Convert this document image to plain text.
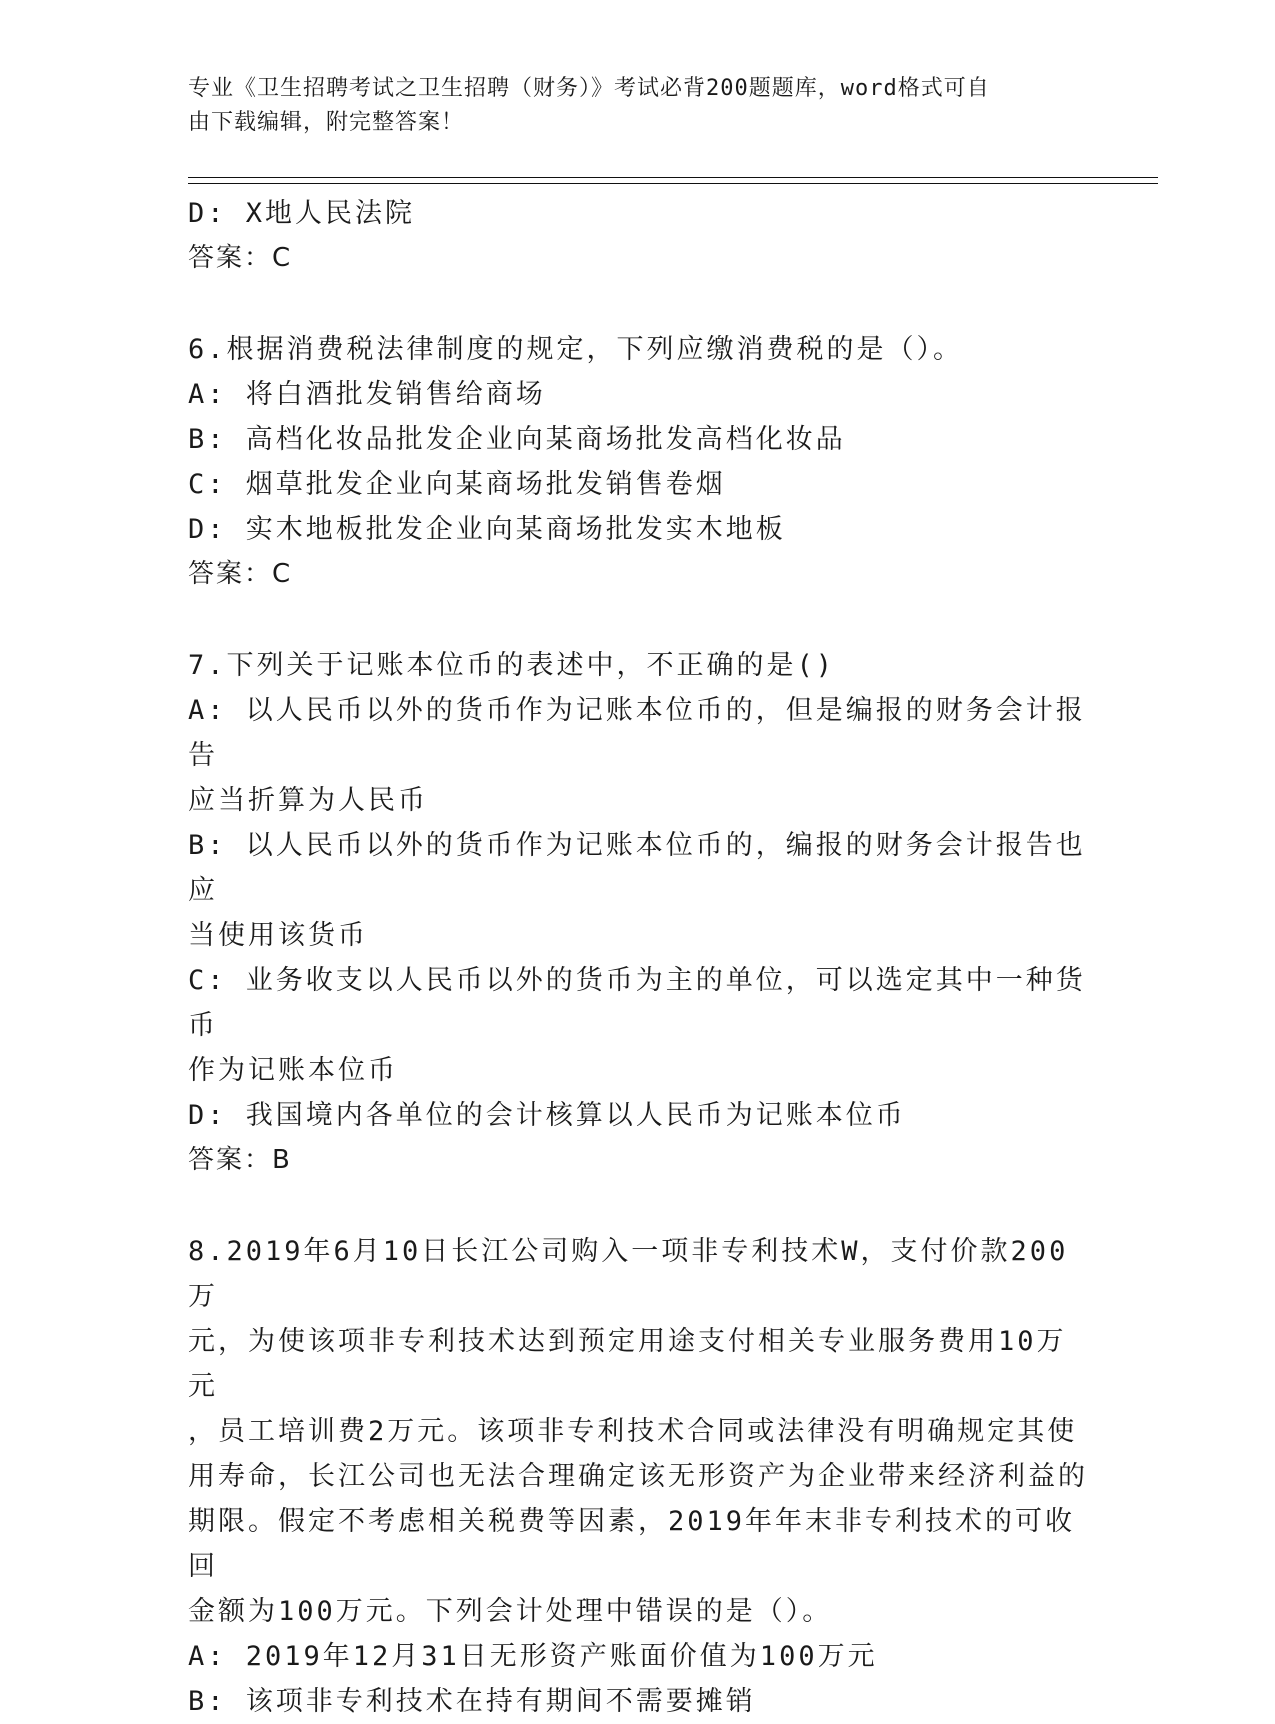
专业《卫生招聘考试之卫生招聘（财务）》考试必背200题题库，word格式可自
由下载编辑，附完整答案！
D: X地人民法院
答案：C
6.根据消费税法律制度的规定，下列应缴消费税的是（）。
A: 将白酒批发销售给商场
B: 高档化妆品批发企业向某商场批发高档化妆品
C: 烟草批发企业向某商场批发销售卷烟
D: 实木地板批发企业向某商场批发实木地板
答案：C
7.下列关于记账本位币的表述中，不正确的是()
A: 以人民币以外的货币作为记账本位币的，但是编报的财务会计报告
应当折算为人民币
B: 以人民币以外的货币作为记账本位币的，编报的财务会计报告也应
当使用该货币
C: 业务收支以人民币以外的货币为主的单位，可以选定其中一种货币
作为记账本位币
D: 我国境内各单位的会计核算以人民币为记账本位币
答案：B
8.2019年6月10日长江公司购入一项非专利技术W，支付价款200万
元，为使该项非专利技术达到预定用途支付相关专业服务费用10万元
，员工培训费2万元。该项非专利技术合同或法律没有明确规定其使
用寿命，长江公司也无法合理确定该无形资产为企业带来经济利益的
期限。假定不考虑相关税费等因素，2019年年末非专利技术的可收回
金额为100万元。下列会计处理中错误的是（）。
A: 2019年12月31日无形资产账面价值为100万元
B: 该项非专利技术在持有期间不需要摊销
